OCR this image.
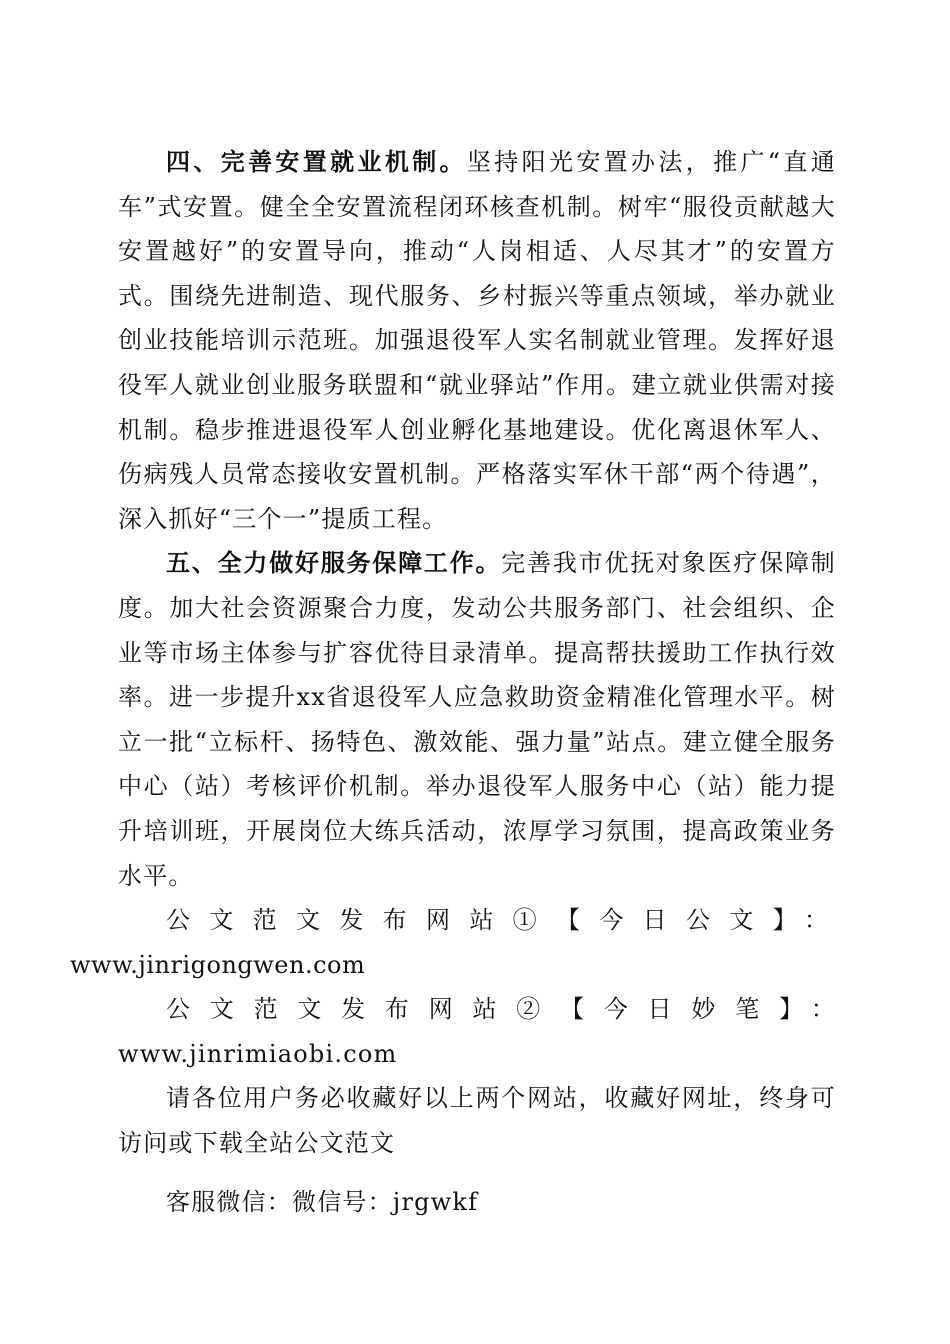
四、完善安置就业机制。坚持阳光安置办法，推广“直通车”式安置。健全全安置流程闭环核查机制。树牢“服役贡献越大安置越好”的安置导向，推动“人岗相适、人尽其才”的安置方式。围绕先进制造、现代服务、乡村振兴等重点领域，举办就业创业技能培训示范班。加强退役军人实名制就业管理。发挥好退役军人就业创业服务联盟和“就业驿站”作用。建立就业供需对接机制。稳步推进退役军人创业孵化基地建设。优化离退休军人、伤病残人员常态接收安置机制。严格落实军休干部“两个待遇”，深入抓好“三个一”提质工程。

五、全力做好服务保障工作。完善我市优抚对象医疗保障制度。加大社会资源聚合力度，发动公共服务部门、社会组织、企业等市场主体参与扩容优待目录清单。提高帮扶援助工作执行效率。进一步提升xx省退役军人应急救助资金精准化管理水平。树立一批“立标杆、扬特色、激效能、强力量”站点。建立健全服务中心（站）考核评价机制。举办退役军人服务中心（站）能力提升培训班，开展岗位大练兵活动，浓厚学习氛围，提高政策业务水平。

公文范文发布网站①【今日公文】：
www.jinrigongwen.com

公文范文发布网站②【今日妙笔】：www.jinrimiaobi.com

请各位用户务必收藏好以上两个网站，收藏好网址，终身可访问或下载全站公文范文

客服微信：微信号：jrgwkf
